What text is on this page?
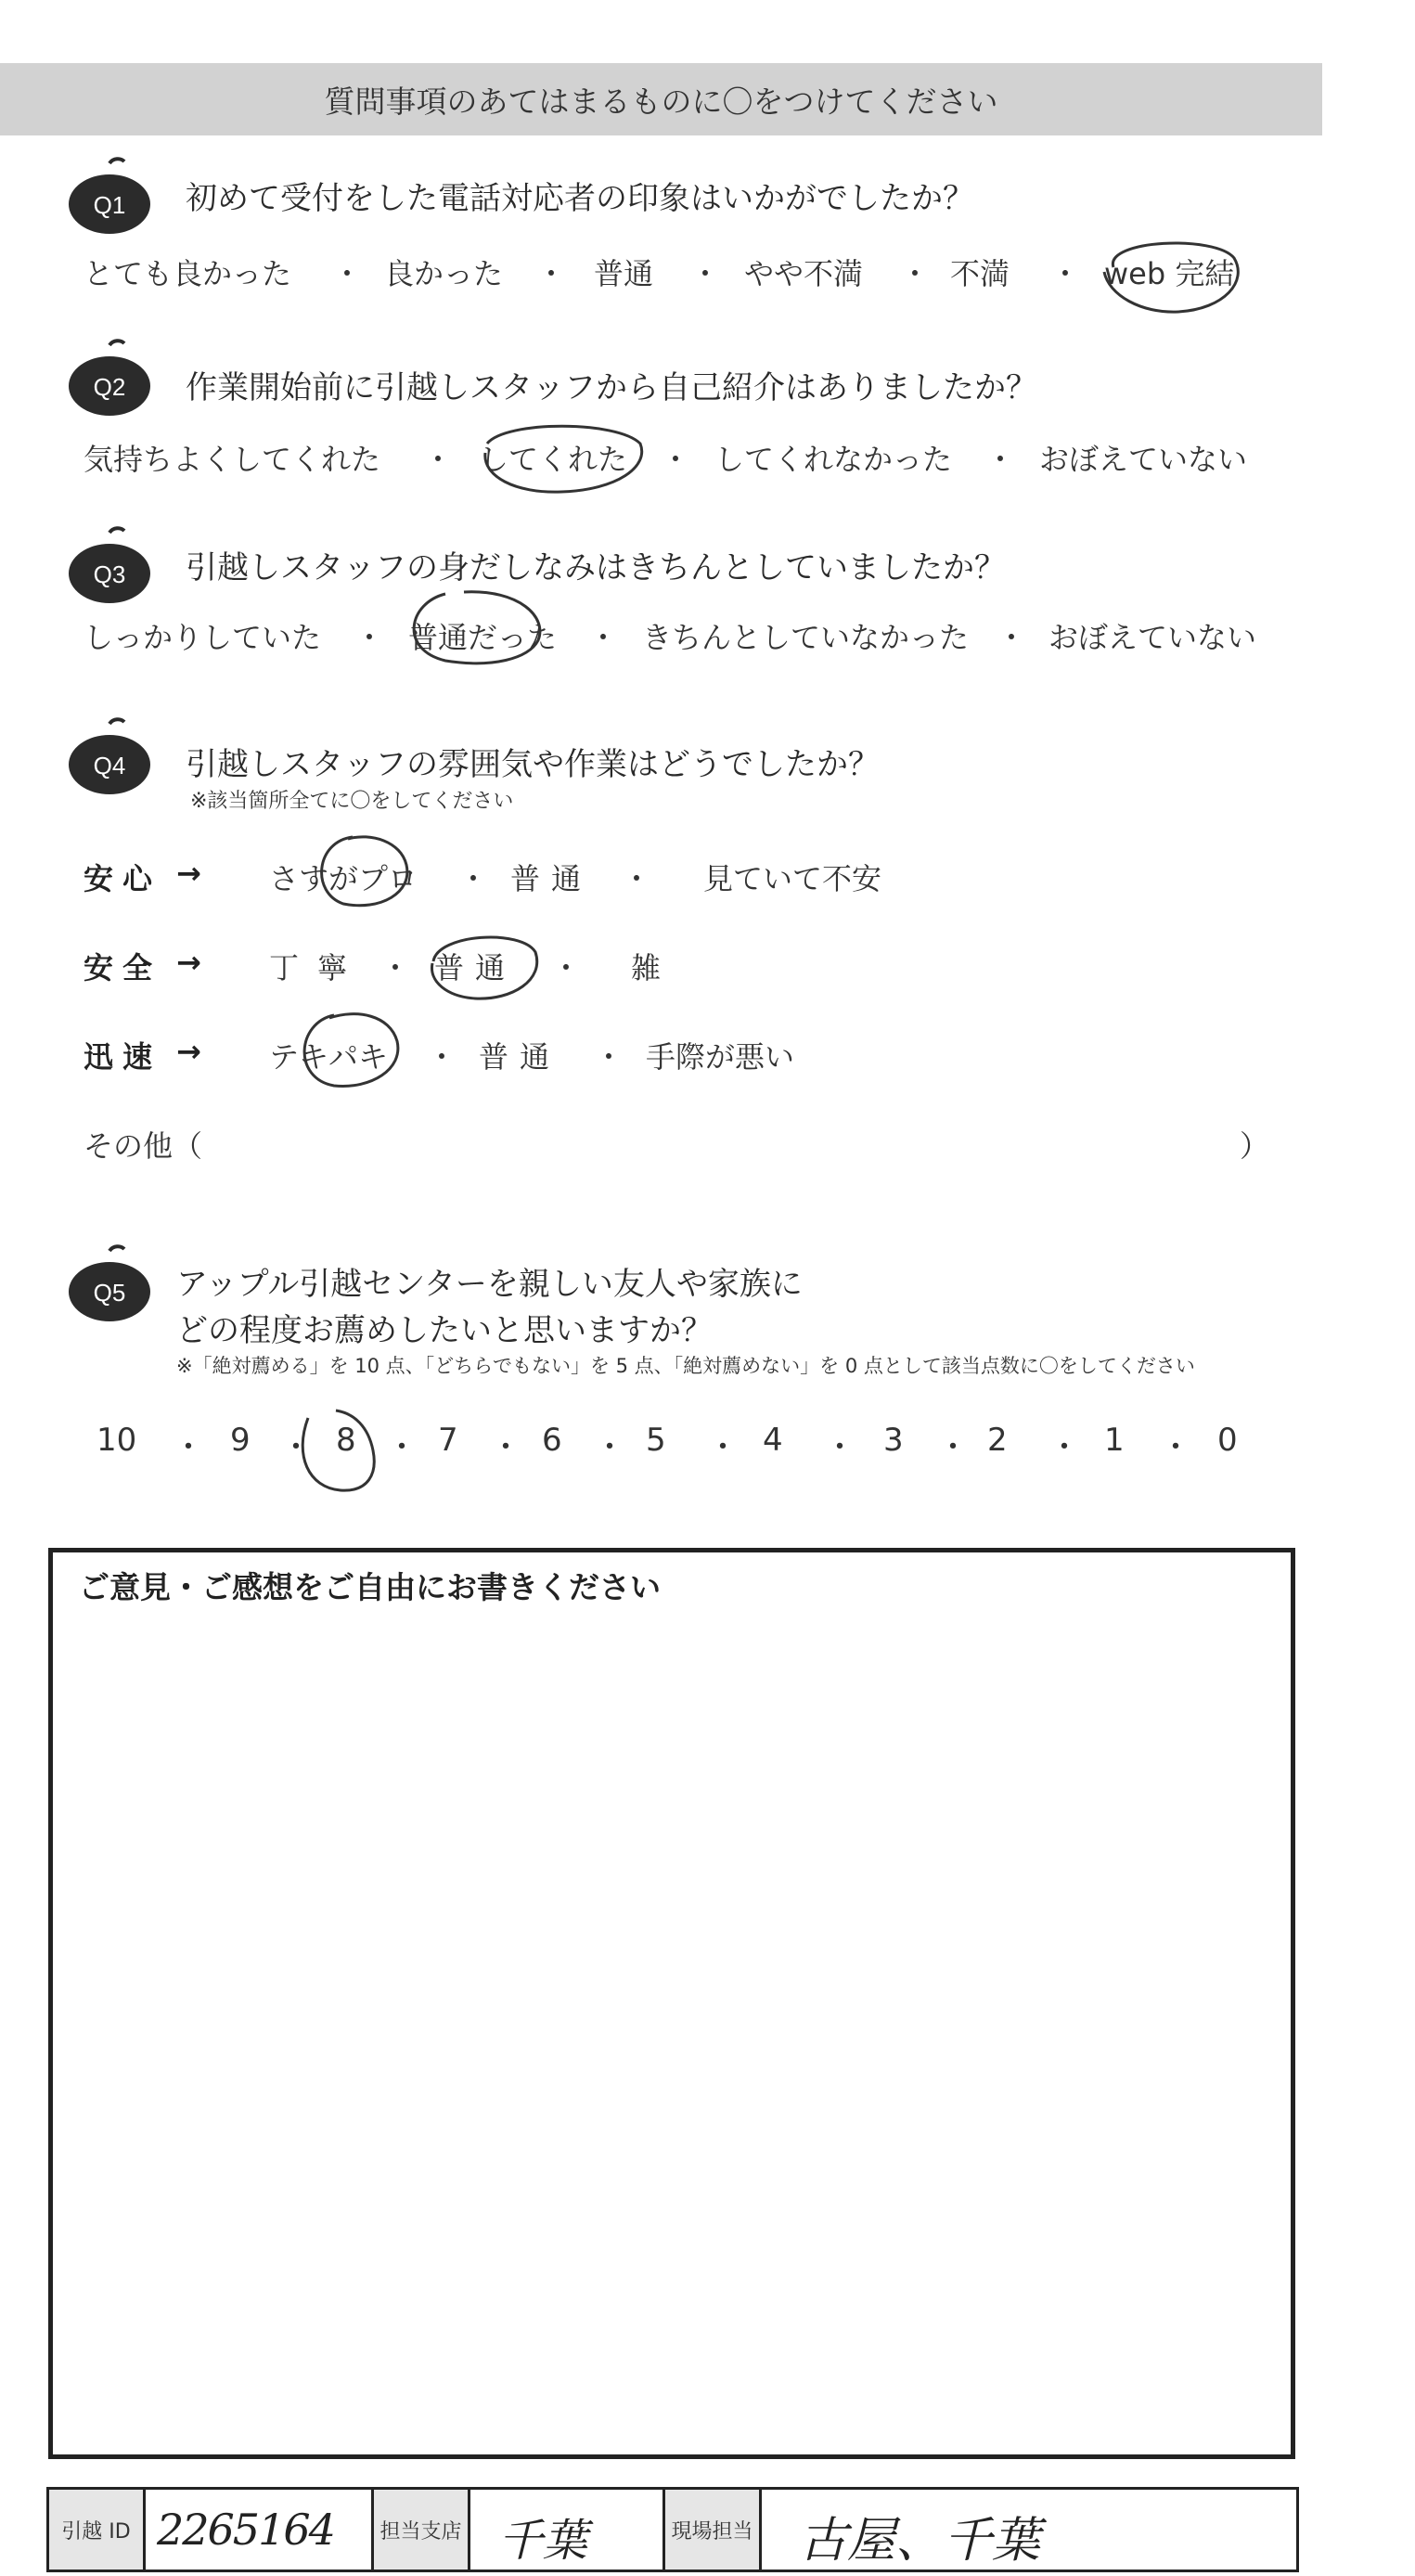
質問事項のあてはまるものに〇をつけてください
Q1 初めて受付をした電話対応者の印象はいかがでしたか？
とても良かった ・ 良かった ・ 普通 ・ やや不満 ・ 不満 ・ web 完結
Q2 作業開始前に引越しスタッフから自己紹介はありましたか？
気持ちよくしてくれた ・ してくれた ・ してくれなかった ・ おぼえていない
Q3 引越しスタッフの身だしなみはきちんとしていましたか？
しっかりしていた ・ 普通だった ・ きちんとしていなかった ・ おぼえていない
Q4 引越しスタッフの雰囲気や作業はどうでしたか？
※該当箇所全てに〇をしてください
安心 → さすがプロ ・ 普通 ・ 見ていて不安
安全 → 丁寧 ・ 普通 ・ 雑
迅速 → テキパキ ・ 普通 ・ 手際が悪い
その他（	）
Q5 アップル引越センターを親しい友人や家族に
どの程度お薦めしたいと思いますか？
※「絶対薦める」を 10 点、「どちらでもない」を 5 点、「絶対薦めない」を 0 点として該当点数に〇をしてください
10 ・ 9 ・ 8 ・ 7 ・ 6 ・ 5 ・ 4 ・ 3 ・ 2 ・ 1 ・ 0
ご意見・ご感想をご自由にお書きください
引越 ID 2265164 担当支店 千葉	現場担当 古屋、千葉
